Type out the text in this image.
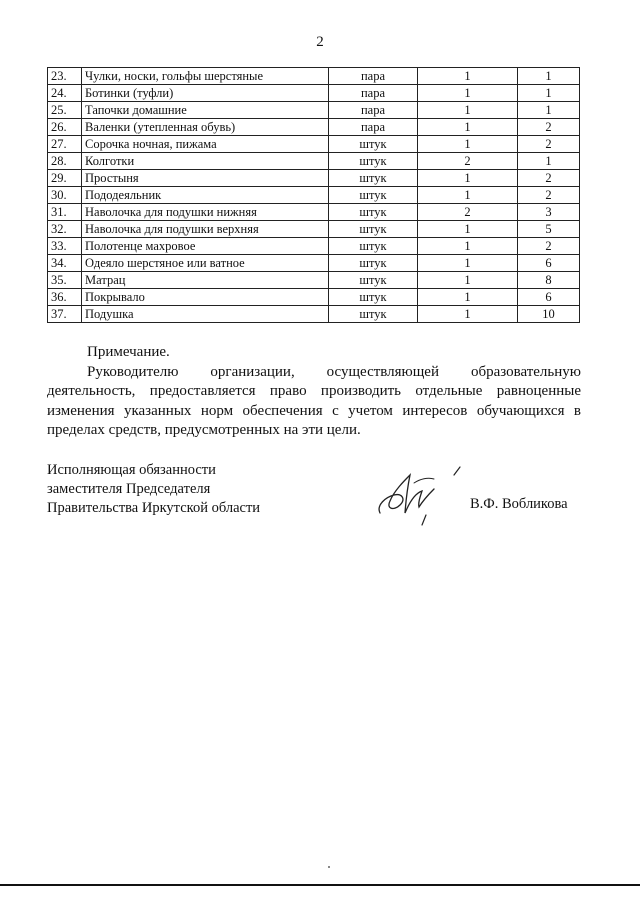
2
23.	Чулки, носки, гольфы шерстяные	пара	1	1
24.	Ботинки (туфли)	пара	1	1
25.	Тапочки домашние	пара	1	1
26.	Валенки (утепленная обувь)	пара	1	2
27.	Сорочка ночная, пижама	штук	1	2
28.	Колготки	штук	2	1
29.	Простыня	штук	1	2
30.	Пододеяльник	штук	1	2
31.	Наволочка для подушки нижняя	штук	2	3
32.	Наволочка для подушки верхняя	штук	1	5
33.	Полотенце махровое	штук	1	2
34.	Одеяло шерстяное или ватное	штук	1	6
35.	Матрац	штук	1	8
36.	Покрывало	штук	1	6
37.	Подушка	штук	1	10

Примечание.

Руководителю организации, осуществляющей образовательную деятельность, предоставляется право производить отдельные равноценные изменения указанных норм обеспечения с учетом интересов обучающихся в пределах средств, предусмотренных на эти цели.

Исполняющая обязанности
заместителя Председателя
Правительства Иркутской области	В.Ф. Вобликова
